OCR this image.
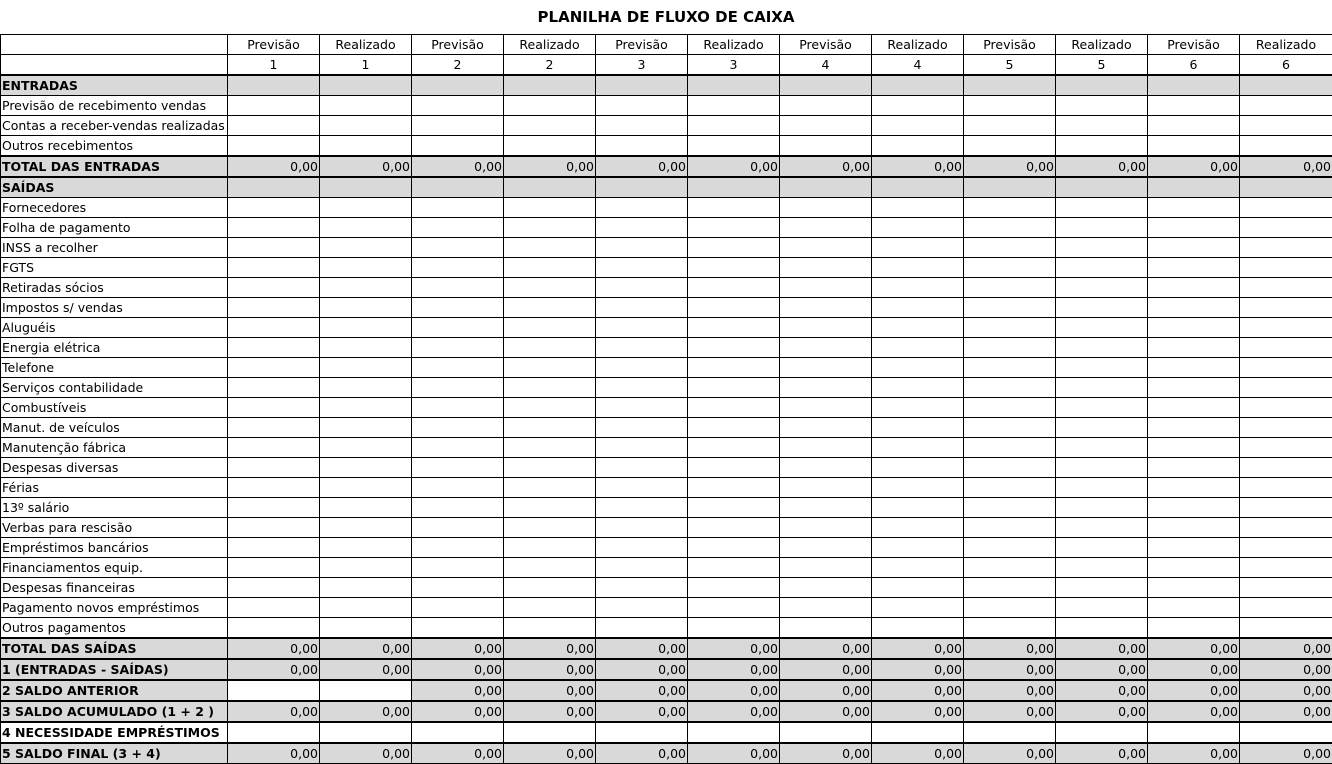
PLANILHA DE FLUXO DE CAIXA
	Previsão	Realizado	Previsão	Realizado	Previsão	Realizado	Previsão	Realizado	Previsão	Realizado	Previsão	Realizado
	1	1	2	2	3	3	4	4	5	5	6	6
ENTRADAS												
Previsão de recebimento vendas												
Contas a receber-vendas realizadas												
Outros recebimentos												
TOTAL DAS ENTRADAS	0,00	0,00	0,00	0,00	0,00	0,00	0,00	0,00	0,00	0,00	0,00	0,00
SAÍDAS												
Fornecedores												
Folha de pagamento												
INSS a recolher												
FGTS												
Retiradas sócios												
Impostos s/ vendas												
Aluguéis												
Energia elétrica												
Telefone												
Serviços contabilidade												
Combustíveis												
Manut. de veículos												
Manutenção fábrica												
Despesas diversas												
Férias												
13º salário												
Verbas para rescisão												
Empréstimos bancários												
Financiamentos equip.												
Despesas financeiras												
Pagamento novos empréstimos												
Outros pagamentos												
TOTAL DAS SAÍDAS	0,00	0,00	0,00	0,00	0,00	0,00	0,00	0,00	0,00	0,00	0,00	0,00
1 (ENTRADAS - SAÍDAS)	0,00	0,00	0,00	0,00	0,00	0,00	0,00	0,00	0,00	0,00	0,00	0,00
2 SALDO ANTERIOR			0,00	0,00	0,00	0,00	0,00	0,00	0,00	0,00	0,00	0,00
3 SALDO ACUMULADO (1 + 2 )	0,00	0,00	0,00	0,00	0,00	0,00	0,00	0,00	0,00	0,00	0,00	0,00
4 NECESSIDADE EMPRÉSTIMOS												
5 SALDO FINAL (3 + 4)	0,00	0,00	0,00	0,00	0,00	0,00	0,00	0,00	0,00	0,00	0,00	0,00
